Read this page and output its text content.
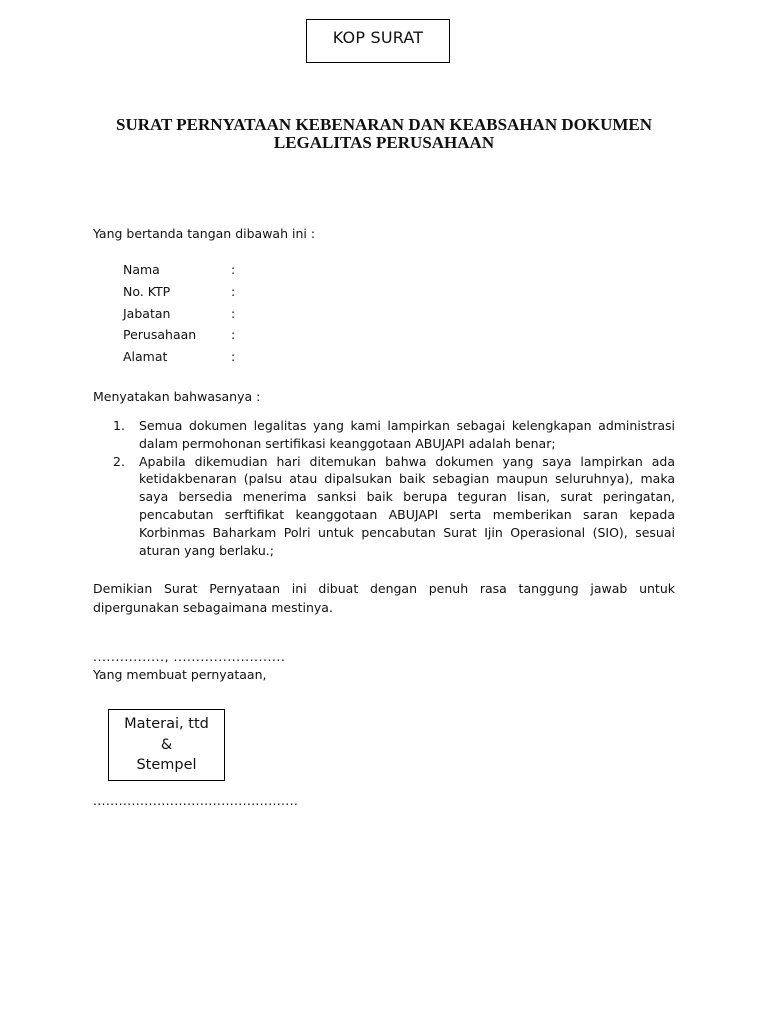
KOP SURAT
SURAT PERNYATAAN KEBENARAN DAN KEABSAHAN DOKUMEN
LEGALITAS PERUSAHAAN
Yang bertanda tangan dibawah ini :
Nama	:
No. KTP	:
Jabatan	:
Perusahaan	:
Alamat	:
Menyatakan bahwasanya :
1.	Semua dokumen legalitas yang kami lampirkan sebagai kelengkapan administrasi dalam permohonan sertifikasi keanggotaan ABUJAPI adalah benar;
2.	Apabila dikemudian hari ditemukan bahwa dokumen yang saya lampirkan ada ketidakbenaran (palsu atau dipalsukan baik sebagian maupun seluruhnya), maka saya bersedia menerima sanksi baik berupa teguran lisan, surat peringatan, pencabutan serftifikat keanggotaan ABUJAPI serta memberikan saran kepada Korbinmas Baharkam Polri untuk pencabutan Surat Ijin Operasional (SIO), sesuai aturan yang berlaku.;
Demikian Surat Pernyataan ini dibuat dengan penuh rasa tanggung jawab untuk dipergunakan sebagaimana mestinya.
................, .........................
Yang membuat pernyataan,
Materai, ttd
&
Stempel
................................................
